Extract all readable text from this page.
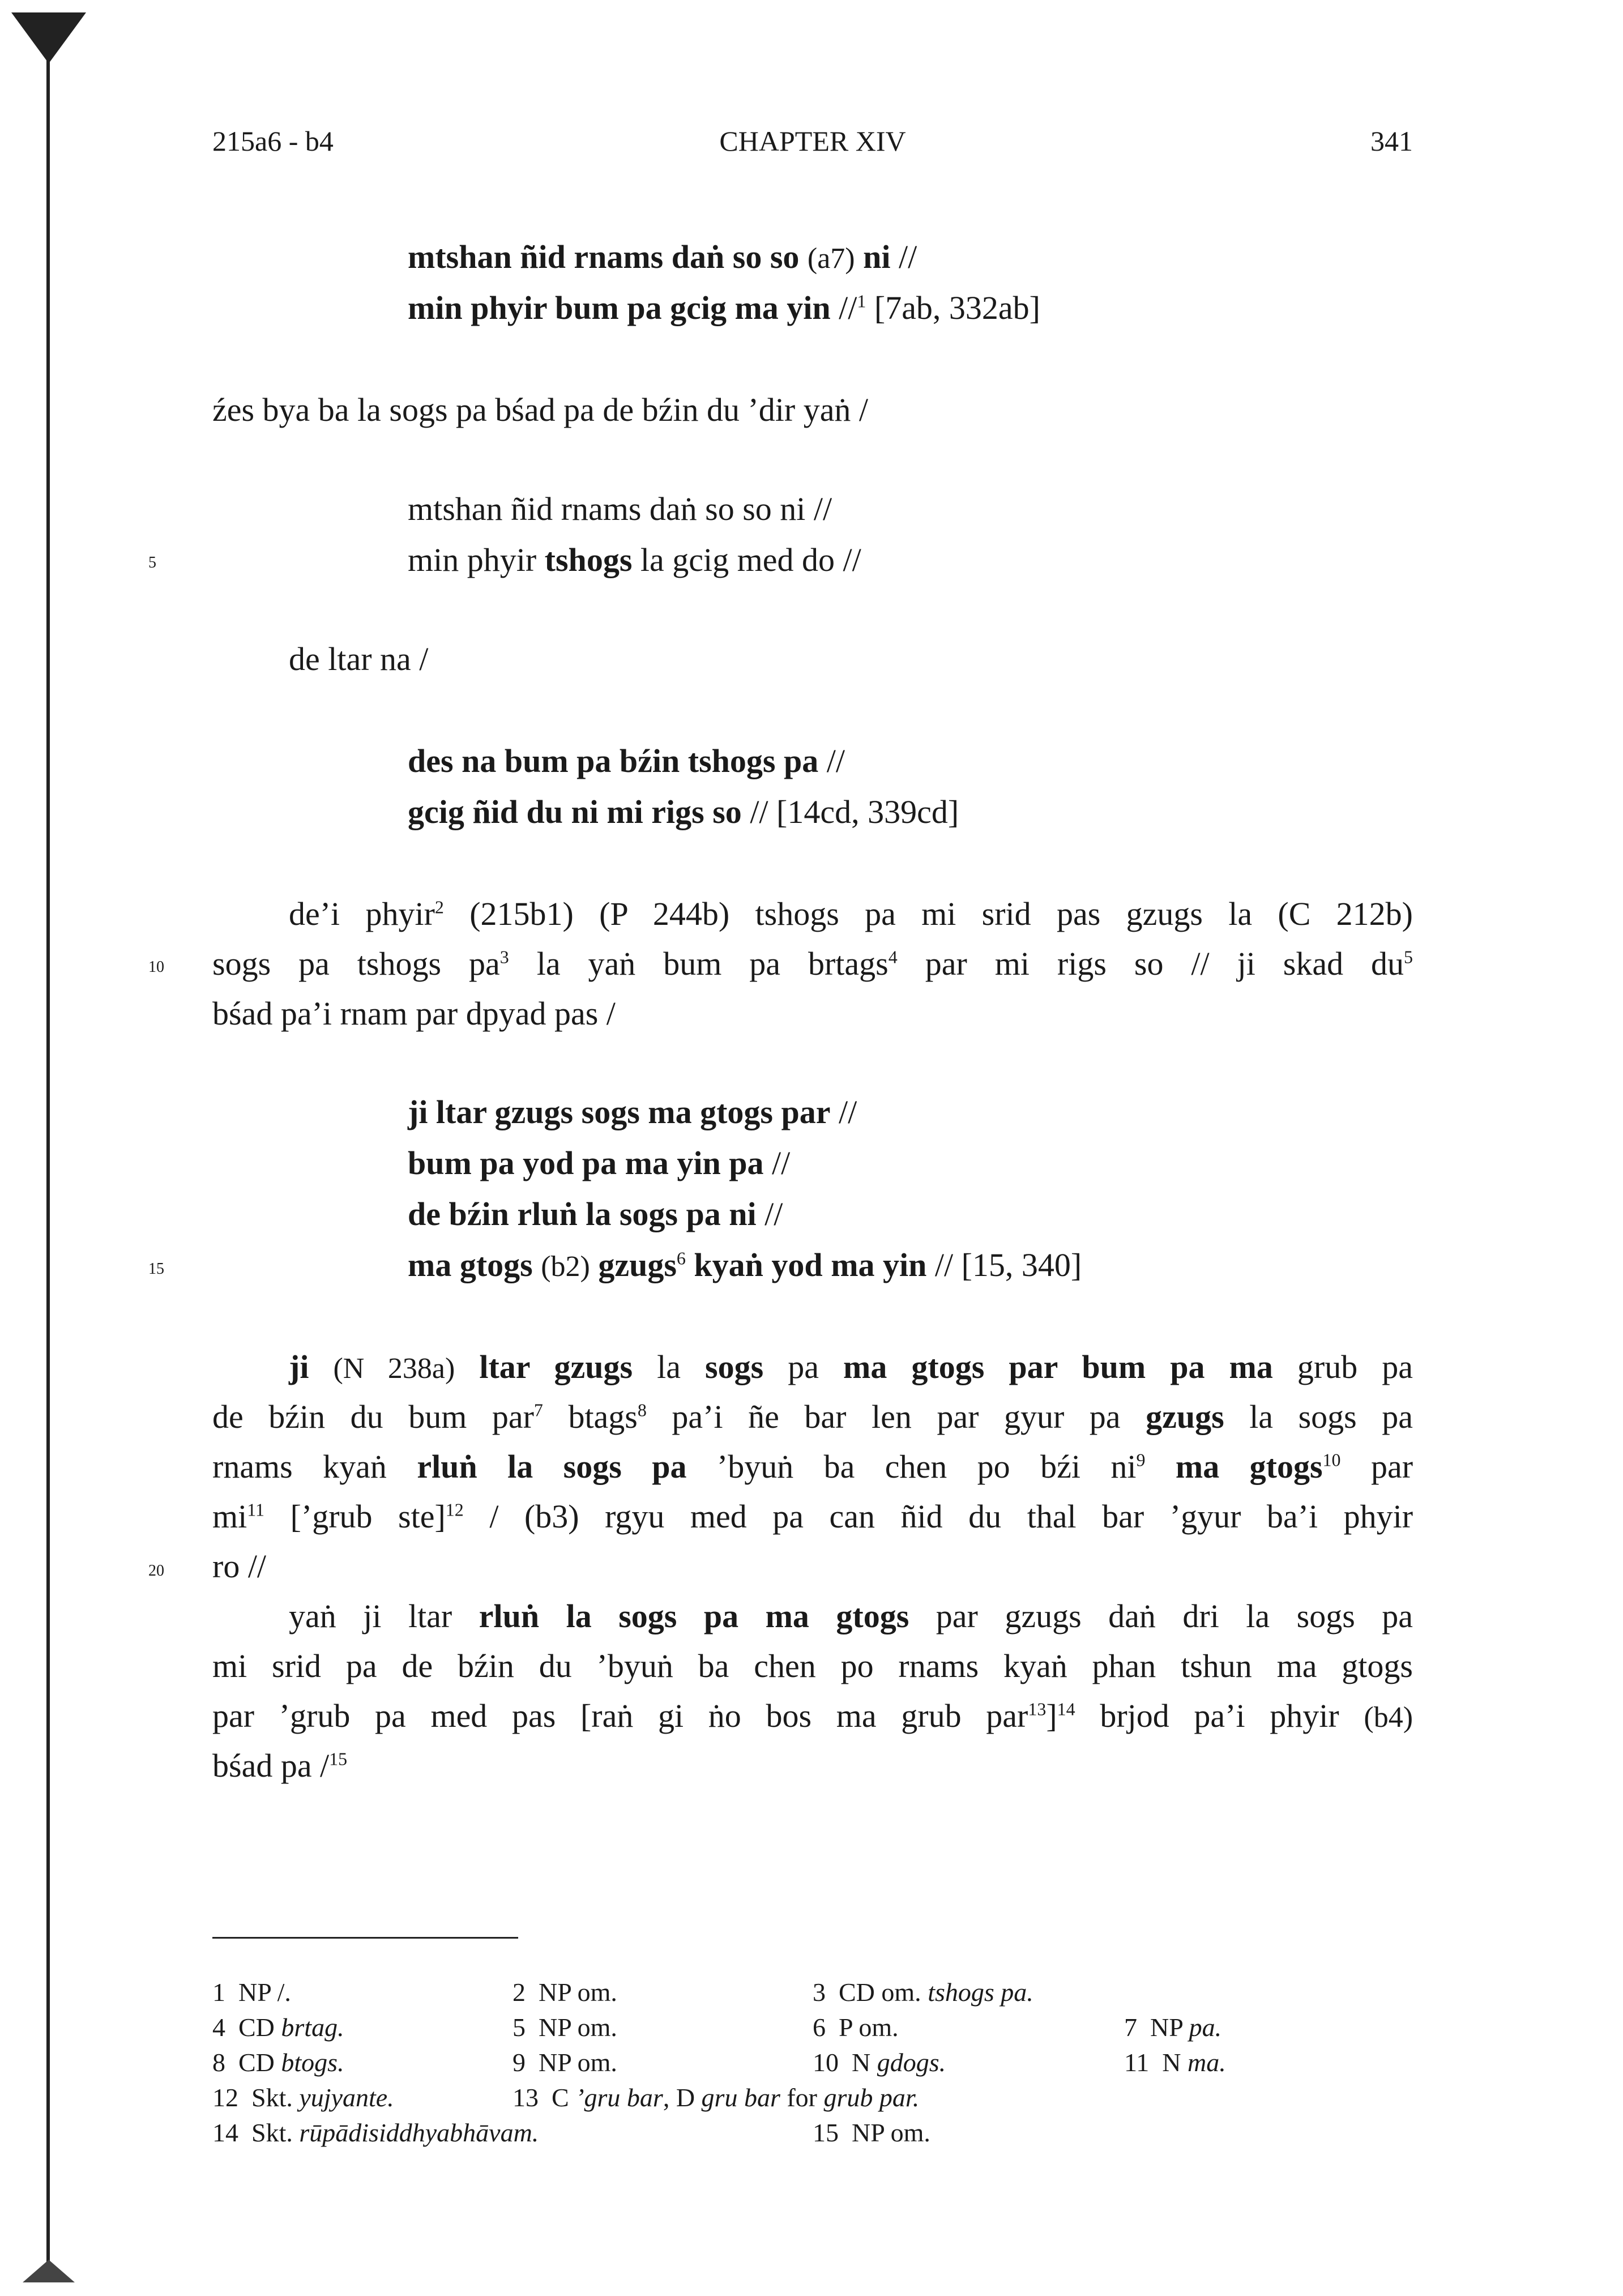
215a6 - b4	CHAPTER XIV	341
mtshan ñid rnams daṅ so so (a7) ni //
min phyir bum pa gcig ma yin //$^1$ [7ab, 332ab]
źes bya ba la sogs pa bśad pa de bźin du ’dir yaṅ /
mtshan ñid rnams daṅ so so ni //
min phyir tshogs la gcig med do //
5
de ltar na /
des na bum pa bźin tshogs pa //
gcig ñid du ni mi rigs so // [14cd, 339cd]
de’i phyir$^2$ (215b1) (P 244b) tshogs pa mi srid pas gzugs la (C 212b)
sogs pa tshogs $pa^3$ la yaṅ bum pa brtags$^4$ par mi rigs so // ji skad $du^5$
10
bśad pa’i rnam par dpyad pas /
ji ltar gzugs sogs ma gtogs par //
bum pa yod pa ma yin pa //
de bźin rluṅ la sogs pa ni //
ma gtogs (b2) gzugs$^6$ kyaṅ yod ma yin // [15, 340]
15
ji (N 238a) ltar gzugs la sogs pa ma gtogs par bum pa ma grub pa
de bźin du bum par$^7$ btags$^8$ pa’i ñe bar len par gyur pa gzugs la sogs pa
rnams kyaṅ rluṅ la sogs pa ’byuṅ ba chen po bźi $ni^9$ ma gtogs$^{10}$ par
$mi^{11}$ [’grub ste]$^{12}$ / (b3) rgyu med pa can ñid du thal bar ’gyur ba’i phyir
ro //
20
yaṅ ji ltar rluṅ la sogs pa ma gtogs par gzugs daṅ dri la sogs pa
mi srid pa de bźin du ’byuṅ ba chen po rnams kyaṅ phan tshun ma gtogs
par ’grub pa med pas [raṅ gi ṅo bos ma grub par$^{13}$]$^{14}$ brjod pa’i phyir (b4)
bśad pa /$^{15}$
1 NP /.	2 NP om.	3 CD om. tshogs pa.
4 CD brtag.	5 NP om.	6 P om.	7 NP pa.
8 CD btogs.	9 NP om.	10 N gdogs.	11 N ma.
12 Skt. yujyante.	13 C ’gru bar, D gru bar for grub par.
14 Skt. rūpādisiddhyabhāvam.	15 NP om.
